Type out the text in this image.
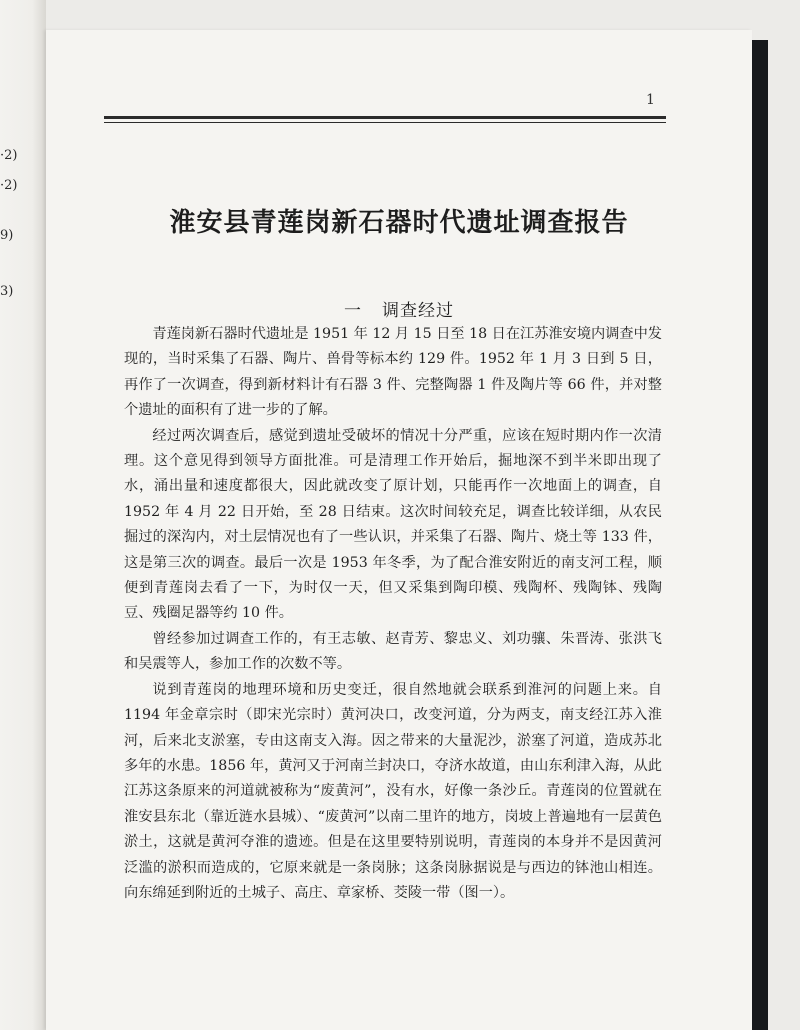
·2)
·2)
9)
3)
1
淮安县青莲岗新石器时代遗址调查报告
一 调查经过

青莲岗新石器时代遗址是 1951 年 12 月 15 日至 18 日在江苏淮安境内调查中发现的，当时采集了石器、陶片、兽骨等标本约 129 件。1952 年 1 月 3 日到 5 日，再作了一次调查，得到新材料计有石器 3 件、完整陶器 1 件及陶片等 66 件，并对整个遗址的面积有了进一步的了解。

经过两次调查后，感觉到遗址受破坏的情况十分严重，应该在短时期内作一次清理。这个意见得到领导方面批准。可是清理工作开始后，掘地深不到半米即出现了水，涌出量和速度都很大，因此就改变了原计划，只能再作一次地面上的调查，自 1952 年 4 月 22 日开始，至 28 日结束。这次时间较充足，调查比较详细，从农民掘过的深沟内，对土层情况也有了一些认识，并采集了石器、陶片、烧土等 133 件，这是第三次的调查。最后一次是 1953 年冬季，为了配合淮安附近的南支河工程，顺便到青莲岗去看了一下，为时仅一天，但又采集到陶印模、残陶杯、残陶钵、残陶豆、残圈足器等约 10 件。

曾经参加过调查工作的，有王志敏、赵青芳、黎忠义、刘功骧、朱晋涛、张洪飞和吴震等人，参加工作的次数不等。

说到青莲岗的地理环境和历史变迁，很自然地就会联系到淮河的问题上来。自 1194 年金章宗时（即宋光宗时）黄河决口，改变河道，分为两支，南支经江苏入淮河，后来北支淤塞，专由这南支入海。因之带来的大量泥沙，淤塞了河道，造成苏北多年的水患。1856 年，黄河又于河南兰封决口，夺济水故道，由山东利津入海，从此江苏这条原来的河道就被称为“废黄河”，没有水，好像一条沙丘。青莲岗的位置就在淮安县东北（靠近涟水县城）、“废黄河”以南二里许的地方，岗坡上普遍地有一层黄色淤土，这就是黄河夺淮的遗迹。但是在这里要特别说明，青莲岗的本身并不是因黄河泛滥的淤积而造成的，它原来就是一条岗脉；这条岗脉据说是与西边的钵池山相连。向东绵延到附近的土城子、高庄、章家桥、茭陵一带（图一）。
